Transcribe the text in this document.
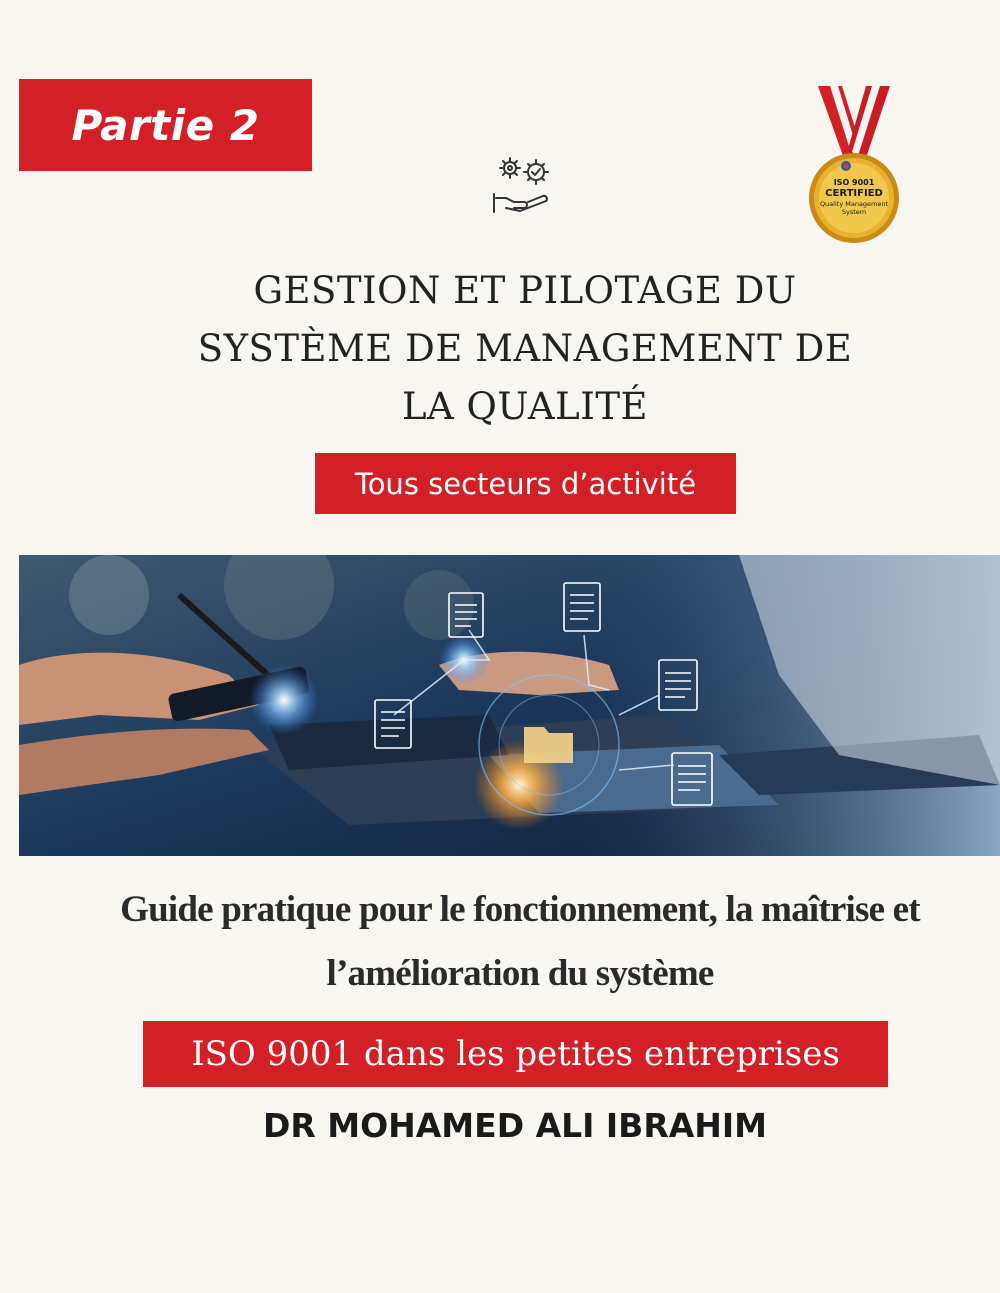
Partie 2
ISO 9001
CERTIFIED
Quality Management
System
GESTION ET PILOTAGE DU
SYSTÈME DE MANAGEMENT DE
LA QUALITÉ
Tous secteurs d’activité
Guide pratique pour le fonctionnement, la maîtrise et
l’amélioration du système
ISO 9001 dans les petites entreprises
DR MOHAMED ALI IBRAHIM
